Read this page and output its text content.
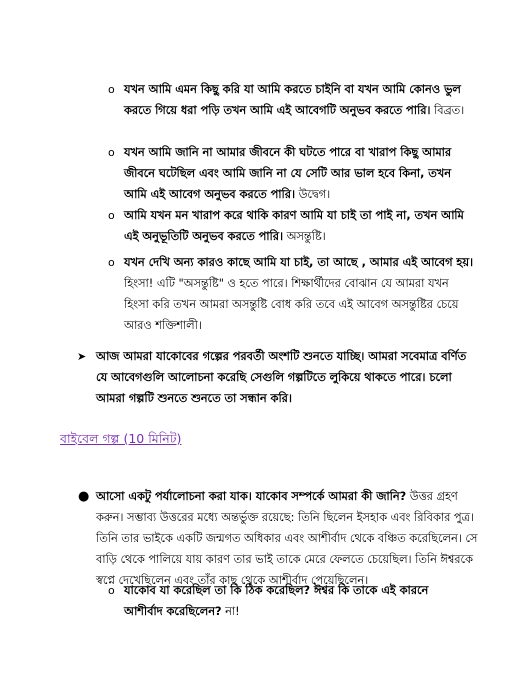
o যখন আমি এমন কিছু করি যা আমি করতে চাইনি বা যখন আমি কোনও ভুল করতে গিয়ে ধরা পড়ি তখন আমি এই আবেগটি অনুভব করতে পারি। বিব্রত।
o যখন আমি জানি না আমার জীবনে কী ঘটতে পারে বা খারাপ কিছু আমার জীবনে ঘটেছিল এবং আমি জানি না যে সেটি আর ভাল হবে কিনা, তখন আমি এই আবেগ অনুভব করতে পারি। উদ্বেগ।
o আমি যখন মন খারাপ করে থাকি কারণ আমি যা চাই তা পাই না, তখন আমি এই অনুভূতিটি অনুভব করতে পারি। অসন্তুষ্টি।
o যখন দেখি অন্য কারও কাছে আমি যা চাই, তা আছে , আমার এই আবেগ হয়। হিংসা! এটি "অসন্তুষ্টি" ও হতে পারে। শিক্ষার্থীদের বোঝান যে আমরা যখন হিংসা করি তখন আমরা অসন্তুষ্টি বোধ করি তবে এই আবেগ অসন্তুষ্টির চেয়ে আরও শক্তিশালী।
➤ আজ আমরা যাকোবের গল্পের পরবর্তী অংশটি শুনতে যাচ্ছি। আমরা সবেমাত্র বর্ণিত যে আবেগগুলি আলোচনা করেছি সেগুলি গল্পটিতে লুকিয়ে থাকতে পারে। চলো আমরা গল্পটি শুনতে শুনতে তা সন্ধান করি।
বাইবেল গল্প (10 মিনিট)
● আসো একটু পর্যালোচনা করা যাক। যাকোব সম্পর্কে আমরা কী জানি? উত্তর গ্রহণ করুন। সম্ভাব্য উত্তরের মধ্যে অন্তর্ভুক্ত রয়েছে: তিনি ছিলেন ইসহাক এবং রিবিকার পুত্র। তিনি তার ভাইকে একটি জন্মগত অধিকার এবং আশীর্বাদ থেকে বঞ্চিত করেছিলেন। সে বাড়ি থেকে পালিয়ে যায় কারণ তার ভাই তাকে মেরে ফেলতে চেয়েছিল। তিনি ঈশ্বরকে স্বপ্নে দেখেছিলেন এবং তাঁর কাছ থেকে আশীর্বাদ পেয়েছিলেন।
o যাকোব যা করেছিল তা কি ঠিক করেছিল? ঈশ্বর কি তাকে এই কারনে আশীর্বাদ করেছিলেন? না!
